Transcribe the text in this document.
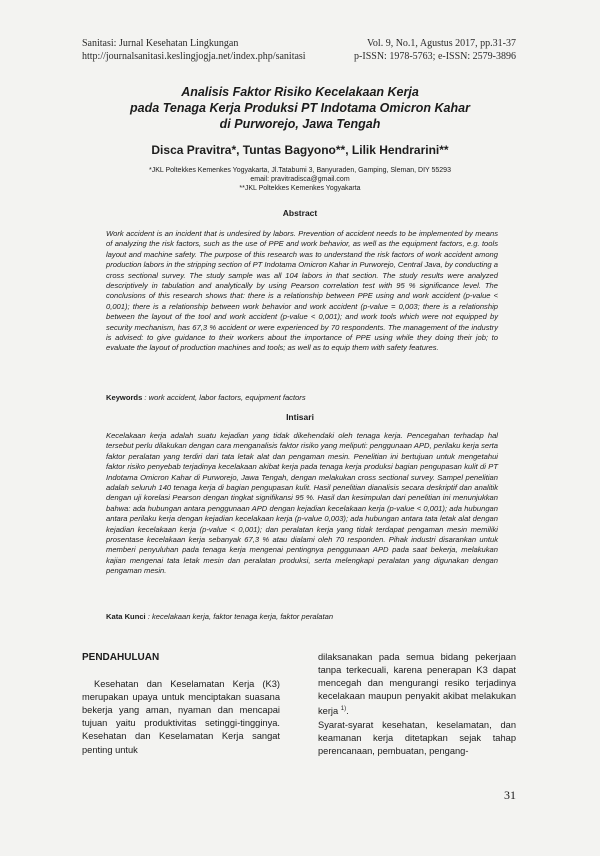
Sanitasi: Jurnal Kesehatan Lingkungan
http://journalsanitasi.keslingjogja.net/index.php/sanitasi
Vol. 9, No.1, Agustus 2017, pp.31-37
p-ISSN: 1978-5763; e-ISSN: 2579-3896
Analisis Faktor Risiko Kecelakaan Kerja
pada Tenaga Kerja Produksi PT Indotama Omicron Kahar
di Purworejo, Jawa Tengah
Disca Pravitra*, Tuntas Bagyono**, Lilik Hendrarini**
*JKL Poltekkes Kemenkes Yogyakarta, Jl.Tatabumi 3, Banyuraden, Gamping, Sleman, DIY 55293
email: pravitradisca@gmail.com
**JKL Poltekkes Kemenkes Yogyakarta
Abstract

Work accident is an incident that is undesired by labors. Prevention of accident needs to be implemented by means of analyzing the risk factors, such as the use of PPE and work behavior, as well as the equipment factors, e.g. tools layout and machine safety. The purpose of this research was to understand the risk factors of work accident among production labors in the stripping section of PT Indotama Omicron Kahar in Purworejo, Central Java, by conducting a cross sectional survey. The study sample was all 104 labors in that section. The study results were analyzed descriptively in tabulation and analytically by using Pearson correlation test with 95 % significance level. The conclusions of this research shows that: there is a relationship between PPE using and work accident (p-value < 0,001); there is a relationship between work behavior and work accident (p-value = 0,003; there is a relationship between the layout of the tool and work accident (p-value < 0,001); and work tools which were not equipped by security mechanism, has 67,3 % accident or were experienced by 70 respondents. The management of the industry is advised: to give guidance to their workers about the importance of PPE using while they doing their job; to evaluate the layout of production machines and tools; as well as to equip them with safety features.

Keywords : work accident, labor factors, equipment factors
Intisari

Kecelakaan kerja adalah suatu kejadian yang tidak dikehendaki oleh tenaga kerja. Pencegahan terhadap hal tersebut perlu dilakukan dengan cara menganalisis faktor risiko yang meliputi: penggunaan APD, perilaku kerja serta faktor peralatan yang terdiri dari tata letak alat dan pengaman mesin. Penelitian ini bertujuan untuk mengetahui faktor risiko penyebab terjadinya kecelakaan akibat kerja pada tenaga kerja produksi bagian pengupasan kulit di PT Indotama Omicron Kahar di Purworejo, Jawa Tengah, dengan melakukan cross sectional survey. Sampel penelitian adalah seluruh 140 tenaga kerja di bagian pengupasan kulit. Hasil penelitian dianalisis secara deskriptif dan analitik dengan uji korelasi Pearson dengan tingkat signifikansi 95 %. Hasil dan kesimpulan dari penelitian ini menunjukkan bahwa: ada hubungan antara penggunaan APD dengan kejadian kecelakaan kerja (p-value < 0,001); ada hubungan antara perilaku kerja dengan kejadian kecelakaan kerja (p-value 0,003); ada hubungan antara tata letak alat dengan kejadian kecelakaan kerja (p-value < 0,001); dan peralatan kerja yang tidak terdapat pengaman mesin memiliki prosentase kecelakaan kerja sebanyak 67,3 % atau dialami oleh 70 responden. Pihak industri disarankan untuk memberi penyuluhan pada tenaga kerja mengenai pentingnya penggunaan APD pada saat bekerja, melakukan kajian mengenai tata letak mesin dan peralatan produksi, serta melengkapi peralatan yang digunakan dengan pengaman mesin.

Kata Kunci : kecelakaan kerja, faktor tenaga kerja, faktor peralatan

PENDAHULUAN

Kesehatan dan Keselamatan Kerja (K3) merupakan upaya untuk menciptakan suasana bekerja yang aman, nyaman dan mencapai tujuan yaitu produktivitas setinggi-tingginya. Kesehatan dan Keselamatan Kerja sangat penting untuk

dilaksanakan pada semua bidang pekerjaan tanpa terkecuali, karena penerapan K3 dapat mencegah dan mengurangi resiko terjadinya kecelakaan maupun penyakit akibat melakukan kerja $^{1)}$.

Syarat-syarat kesehatan, keselamatan, dan keamanan kerja ditetapkan sejak tahap perencanaan, pembuatan, pengang-

31
